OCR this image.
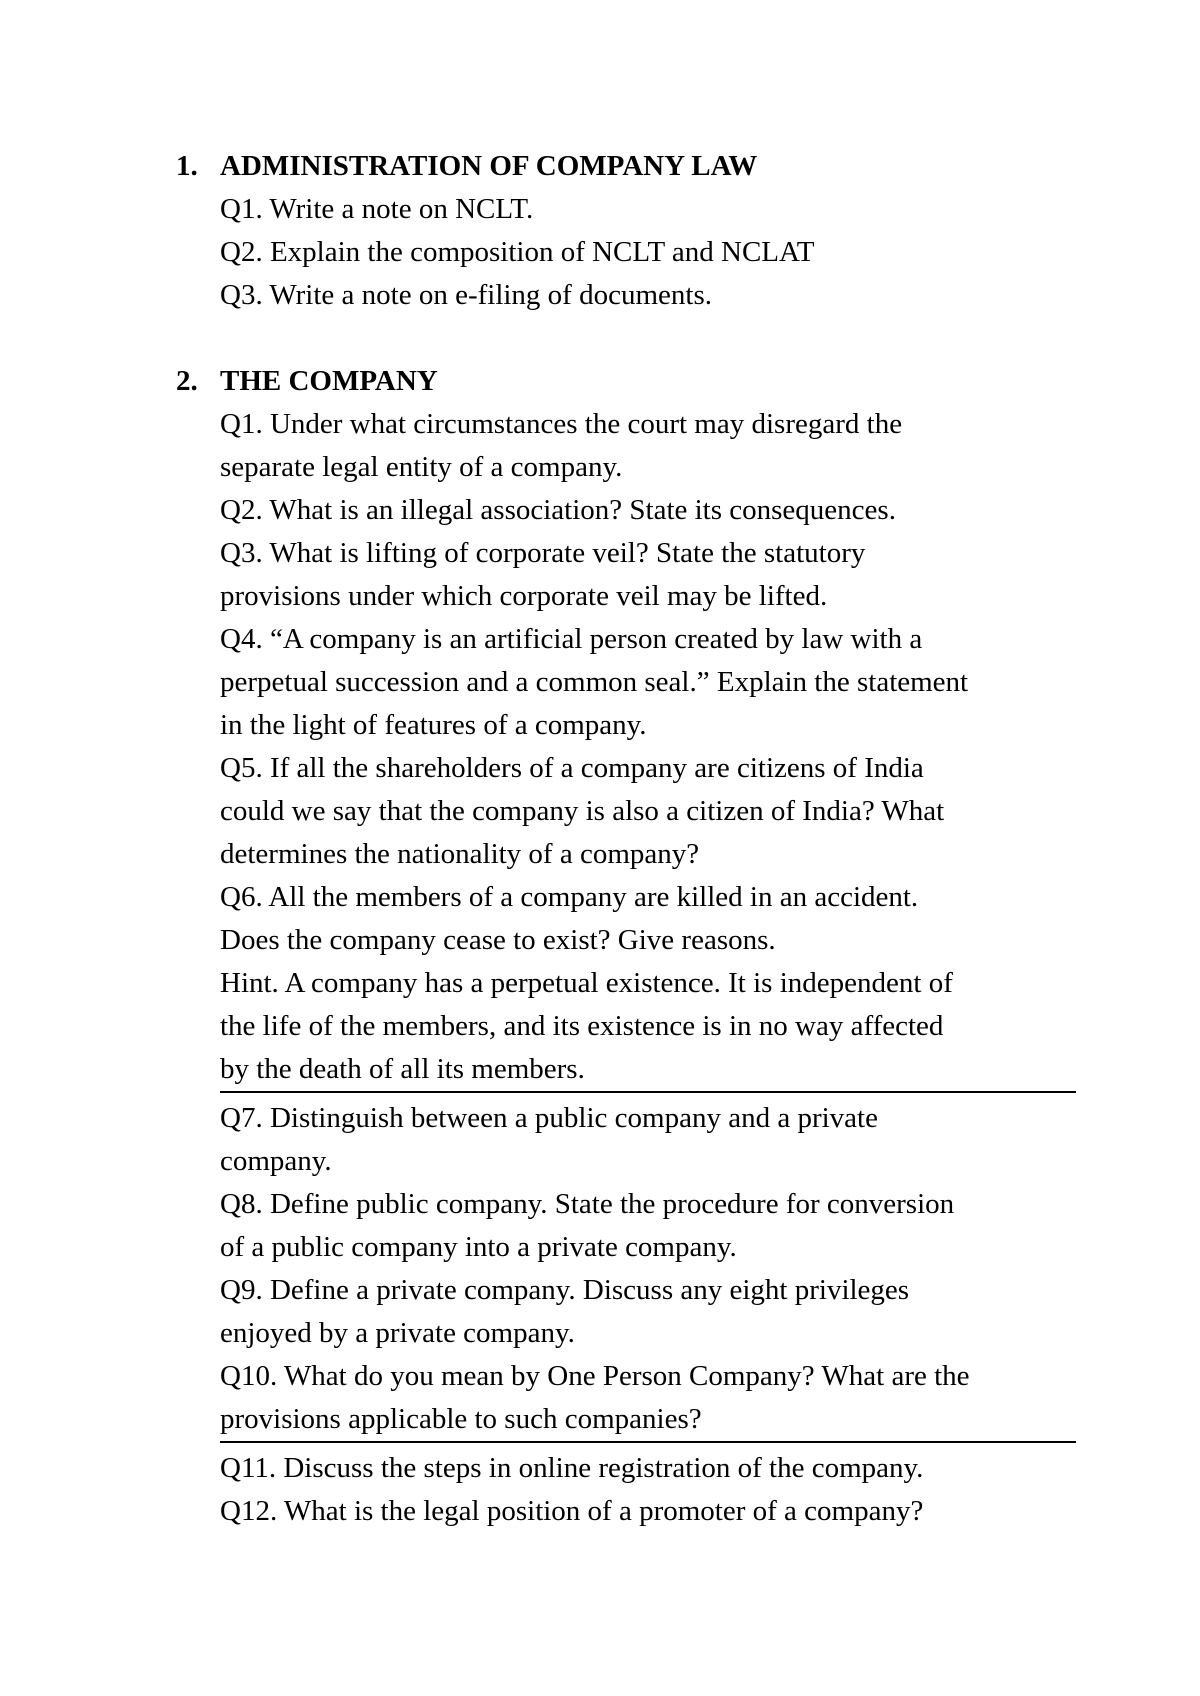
1. ADMINISTRATION OF COMPANY LAW
Q1. Write a note on NCLT.
Q2. Explain the composition of NCLT and NCLAT
Q3. Write a note on e-filing of documents.
2. THE COMPANY
Q1. Under what circumstances the court may disregard the
separate legal entity of a company.
Q2. What is an illegal association? State its consequences.
Q3. What is lifting of corporate veil? State the statutory
provisions under which corporate veil may be lifted.
Q4. “A company is an artificial person created by law with a
perpetual succession and a common seal.” Explain the statement
in the light of features of a company.
Q5. If all the shareholders of a company are citizens of India
could we say that the company is also a citizen of India? What
determines the nationality of a company?
Q6. All the members of a company are killed in an accident.
Does the company cease to exist? Give reasons.
Hint. A company has a perpetual existence. It is independent of
the life of the members, and its existence is in no way affected
by the death of all its members.
Q7. Distinguish between a public company and a private
company.
Q8. Define public company. State the procedure for conversion
of a public company into a private company.
Q9. Define a private company. Discuss any eight privileges
enjoyed by a private company.
Q10. What do you mean by One Person Company? What are the
provisions applicable to such companies?
Q11. Discuss the steps in online registration of the company.
Q12. What is the legal position of a promoter of a company?
